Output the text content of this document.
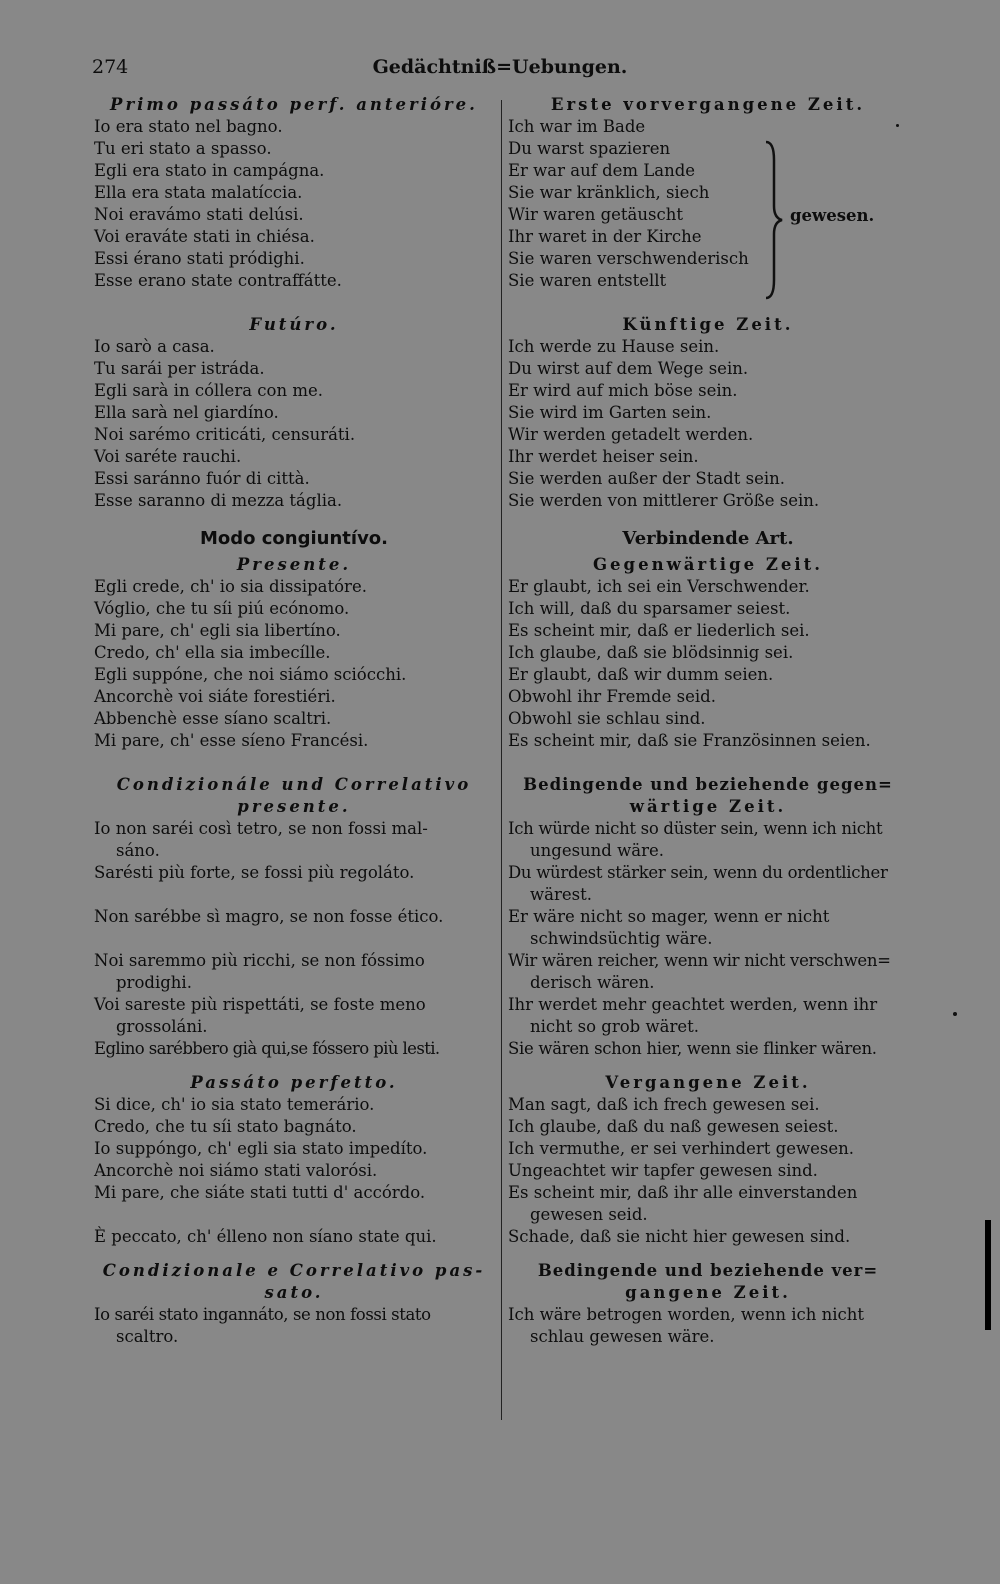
274	Gedächtniß=Uebungen.
Primo passáto perf. anterióre.
Io era stato nel bagno.
Tu eri stato a spasso.
Egli era stato in campágna.
Ella era stata malatíccia.
Noi eravámo stati delúsi.
Voi eraváte stati in chiésa.
Essi érano stati pródighi.
Esse erano state contraffátte.
Futúro.
Io sarò a casa.
Tu sarái per istráda.
Egli sarà in cóllera con me.
Ella sarà nel giardíno.
Noi sarémo criticáti, censuráti.
Voi saréte rauchi.
Essi saránno fuór di città.
Esse saranno di mezza táglia.
Modo congiuntívo.
Presente.
Egli crede, ch' io sia dissipatóre.
Vóglio, che tu síi piú ecónomo.
Mi pare, ch' egli sia libertíno.
Credo, ch' ella sia imbecílle.
Egli suppóne, che noi siámo sciócchi.
Ancorchè voi siáte forestiéri.
Abbenchè esse síano scaltri.
Mi pare, ch' esse síeno Francési.
Condizionále und Correlativo
presente.
Io non saréi così tetro, se non fossi mal-
sáno.
Sarésti più forte, se fossi più regoláto.
Non sarébbe sì magro, se non fosse ético.
Noi saremmo più ricchi, se non fóssimo
prodighi.
Voi sareste più rispettáti, se foste meno
grossoláni.
Eglino sarébbero già qui,se fóssero più lesti.
Passáto perfetto.
Si dice, ch' io sia stato temerário.
Credo, che tu síi stato bagnáto.
Io suppóngo, ch' egli sia stato impedíto.
Ancorchè noi siámo stati valorósi.
Mi pare, che siáte stati tutti d' accórdo.
È peccato, ch' élleno non síano state qui.
Condizionale e Correlativo pas-
sato.
Io saréi stato ingannáto, se non fossi stato
scaltro.
Erste vorvergangene Zeit.
Ich war im Bade
Du warst spazieren
Er war auf dem Lande
Sie war kränklich, siech
Wir waren getäuscht
Ihr waret in der Kirche
Sie waren verschwenderisch
Sie waren entstellt
Künftige Zeit.
Ich werde zu Hause sein.
Du wirst auf dem Wege sein.
Er wird auf mich böse sein.
Sie wird im Garten sein.
Wir werden getadelt werden.
Ihr werdet heiser sein.
Sie werden außer der Stadt sein.
Sie werden von mittlerer Größe sein.
Verbindende Art.
Gegenwärtige Zeit.
Er glaubt, ich sei ein Verschwender.
Ich will, daß du sparsamer seiest.
Es scheint mir, daß er liederlich sei.
Ich glaube, daß sie blödsinnig sei.
Er glaubt, daß wir dumm seien.
Obwohl ihr Fremde seid.
Obwohl sie schlau sind.
Es scheint mir, daß sie Französinnen seien.
Bedingende und beziehende gegen=
wärtige Zeit.
Ich würde nicht so düster sein, wenn ich nicht
ungesund wäre.
Du würdest stärker sein, wenn du ordentlicher
wärest.
Er wäre nicht so mager, wenn er nicht
schwindsüchtig wäre.
Wir wären reicher, wenn wir nicht verschwen=
derisch wären.
Ihr werdet mehr geachtet werden, wenn ihr
nicht so grob wäret.
Sie wären schon hier, wenn sie flinker wären.
Vergangene Zeit.
Man sagt, daß ich frech gewesen sei.
Ich glaube, daß du naß gewesen seiest.
Ich vermuthe, er sei verhindert gewesen.
Ungeachtet wir tapfer gewesen sind.
Es scheint mir, daß ihr alle einverstanden
gewesen seid.
Schade, daß sie nicht hier gewesen sind.
Bedingende und beziehende ver=
gangene Zeit.
Ich wäre betrogen worden, wenn ich nicht
schlau gewesen wäre.
gewesen.
